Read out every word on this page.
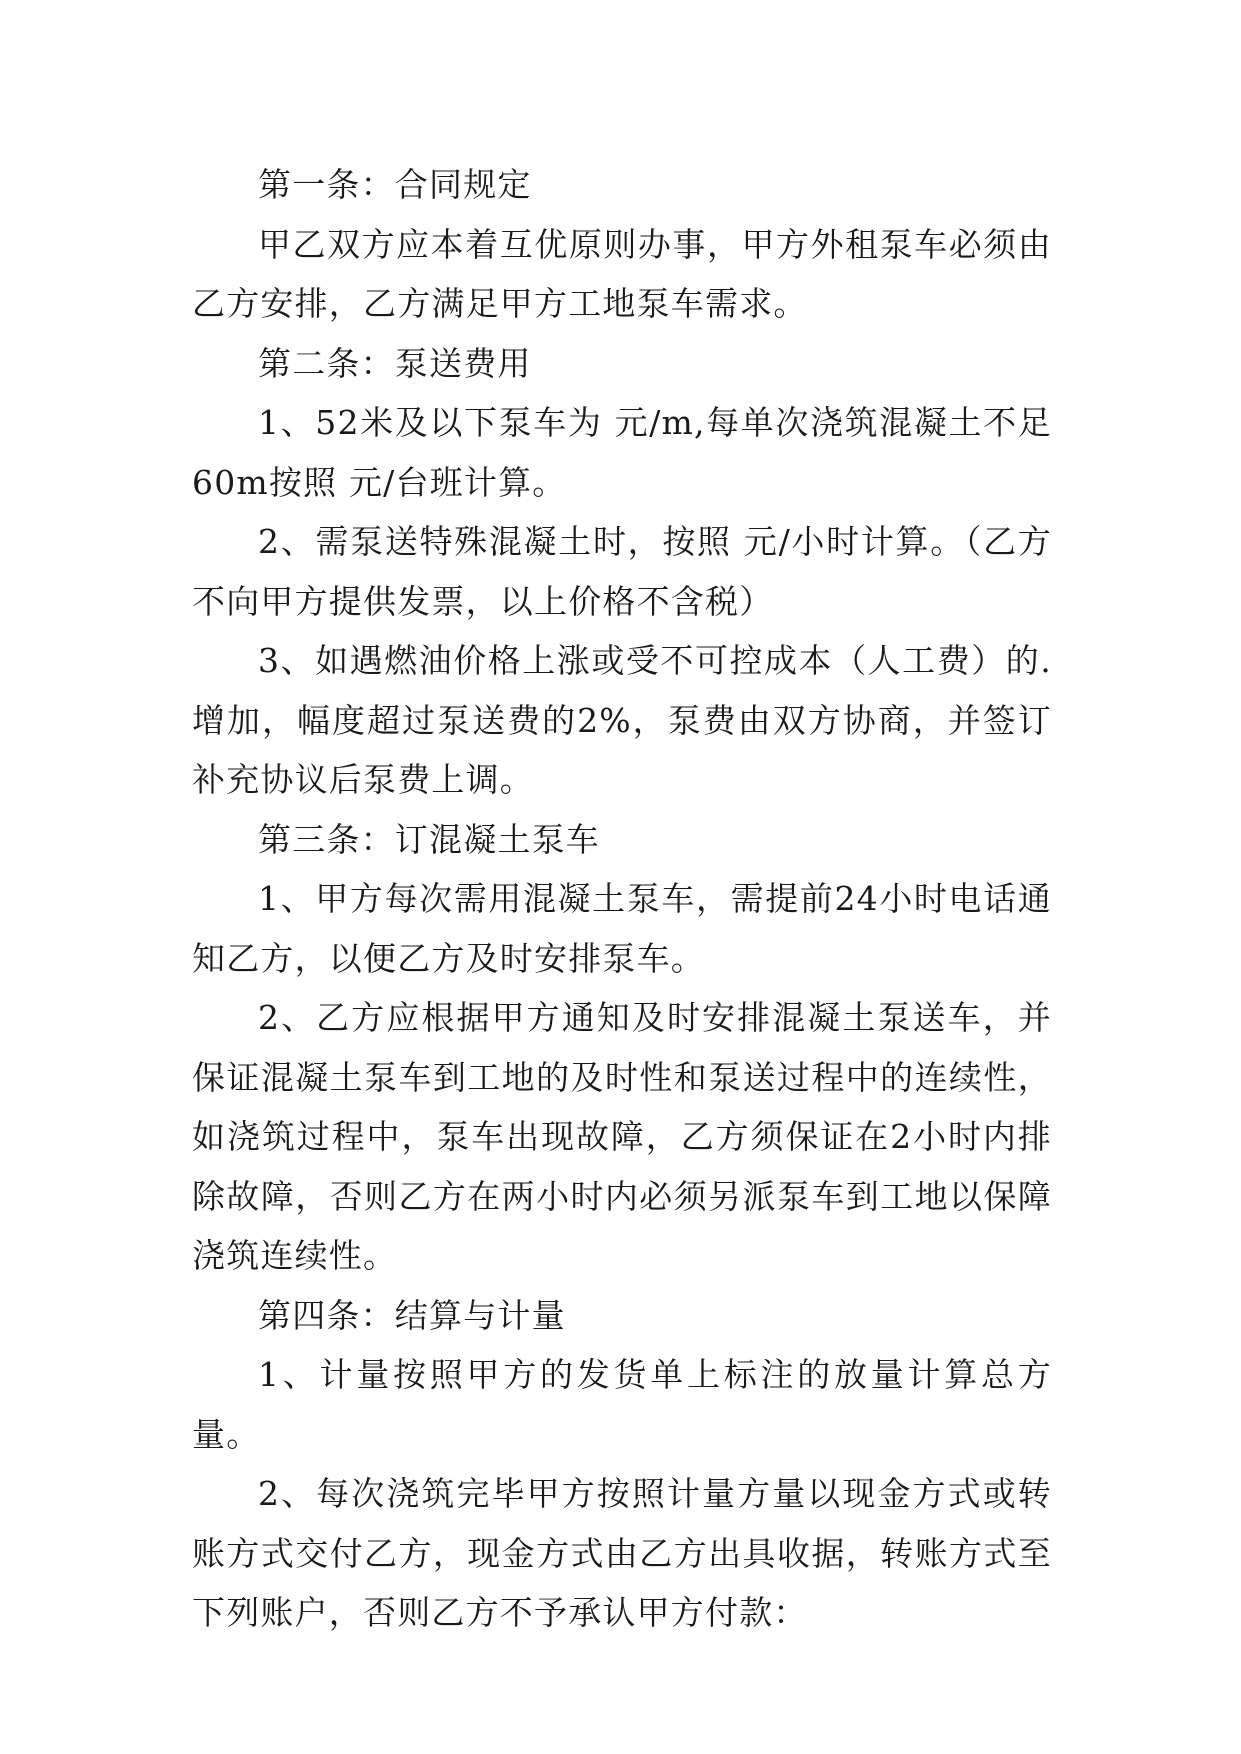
第一条：合同规定

甲乙双方应本着互优原则办事，甲方外租泵车必须由乙方安排，乙方满足甲方工地泵车需求。

第二条：泵送费用

1、52米及以下泵车为 元/m,每单次浇筑混凝土不足60m按照 元/台班计算。

2、需泵送特殊混凝土时，按照 元/小时计算。（乙方不向甲方提供发票，以上价格不含税）

3、如遇燃油价格上涨或受不可控成本（人工费）的.增加，幅度超过泵送费的2%，泵费由双方协商，并签订补充协议后泵费上调。

第三条：订混凝土泵车

1、甲方每次需用混凝土泵车，需提前24小时电话通知乙方，以便乙方及时安排泵车。

2、乙方应根据甲方通知及时安排混凝土泵送车，并保证混凝土泵车到工地的及时性和泵送过程中的连续性，如浇筑过程中，泵车出现故障，乙方须保证在2小时内排除故障，否则乙方在两小时内必须另派泵车到工地以保障浇筑连续性。

第四条：结算与计量

1、计量按照甲方的发货单上标注的放量计算总方量。

2、每次浇筑完毕甲方按照计量方量以现金方式或转账方式交付乙方，现金方式由乙方出具收据，转账方式至下列账户，否则乙方不予承认甲方付款：
